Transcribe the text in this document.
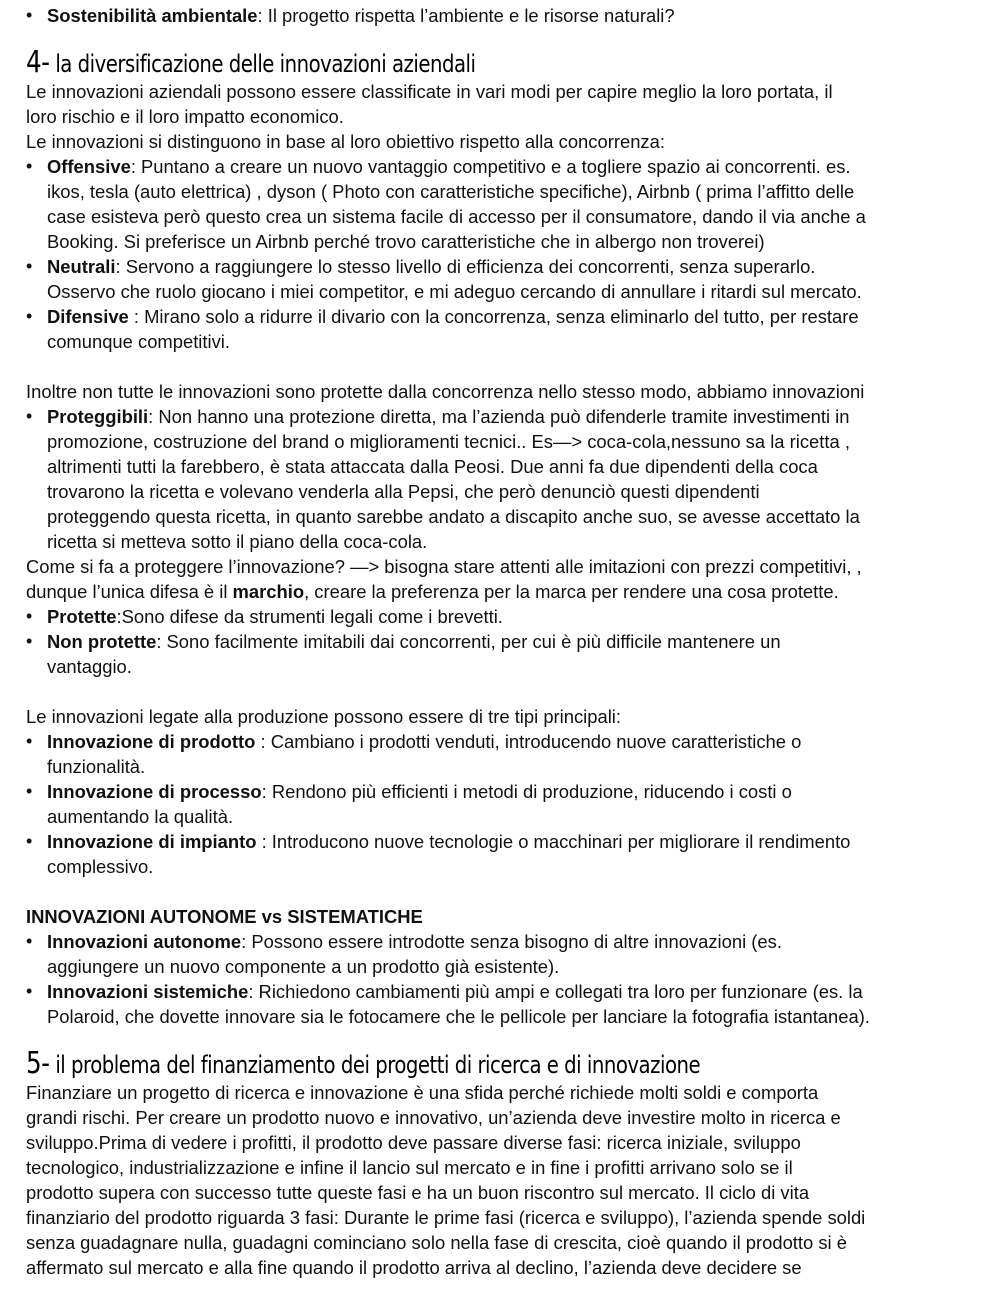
• Sostenibilità ambientale: Il progetto rispetta l’ambiente e le risorse naturali?

4- la diversificazione delle innovazioni aziendali

Le innovazioni aziendali possono essere classificate in vari modi per capire meglio la loro portata, il

loro rischio e il loro impatto economico.

Le innovazioni si distinguono in base al loro obiettivo rispetto alla concorrenza:

• Offensive: Puntano a creare un nuovo vantaggio competitivo e a togliere spazio ai concorrenti. es.

ikos, tesla (auto elettrica) , dyson ( Photo con caratteristiche specifiche), Airbnb ( prima l’affitto delle

case esisteva però questo crea un sistema facile di accesso per il consumatore, dando il via anche a

Booking. Si preferisce un Airbnb perché trovo caratteristiche che in albergo non troverei)

• Neutrali: Servono a raggiungere lo stesso livello di efficienza dei concorrenti, senza superarlo.

Osservo che ruolo giocano i miei competitor, e mi adeguo cercando di annullare i ritardi sul mercato.

• Difensive : Mirano solo a ridurre il divario con la concorrenza, senza eliminarlo del tutto, per restare

comunque competitivi.

Inoltre non tutte le innovazioni sono protette dalla concorrenza nello stesso modo, abbiamo innovazioni

• Proteggibili: Non hanno una protezione diretta, ma l’azienda può difenderle tramite investimenti in

promozione, costruzione del brand o miglioramenti tecnici.. Es—> coca-cola,nessuno sa la ricetta ,

altrimenti tutti la farebbero, è stata attaccata dalla Peosi. Due anni fa due dipendenti della coca

trovarono la ricetta e volevano venderla alla Pepsi, che però denunciò questi dipendenti

proteggendo questa ricetta, in quanto sarebbe andato a discapito anche suo, se avesse accettato la

ricetta si metteva sotto il piano della coca-cola.

Come si fa a proteggere l’innovazione? —> bisogna stare attenti alle imitazioni con prezzi competitivi, ,

dunque l’unica difesa è il marchio, creare la preferenza per la marca per rendere una cosa protette.

• Protette:Sono difese da strumenti legali come i brevetti.

• Non protette: Sono facilmente imitabili dai concorrenti, per cui è più difficile mantenere un

vantaggio.

Le innovazioni legate alla produzione possono essere di tre tipi principali:

• Innovazione di prodotto : Cambiano i prodotti venduti, introducendo nuove caratteristiche o

funzionalità.

• Innovazione di processo: Rendono più efficienti i metodi di produzione, riducendo i costi o

aumentando la qualità.

• Innovazione di impianto : Introducono nuove tecnologie o macchinari per migliorare il rendimento

complessivo.

INNOVAZIONI AUTONOME vs SISTEMATICHE

• Innovazioni autonome: Possono essere introdotte senza bisogno di altre innovazioni (es.

aggiungere un nuovo componente a un prodotto già esistente).

• Innovazioni sistemiche: Richiedono cambiamenti più ampi e collegati tra loro per funzionare (es. la

Polaroid, che dovette innovare sia le fotocamere che le pellicole per lanciare la fotografia istantanea).

5- il problema del finanziamento dei progetti di ricerca e di innovazione

Finanziare un progetto di ricerca e innovazione è una sfida perché richiede molti soldi e comporta

grandi rischi. Per creare un prodotto nuovo e innovativo, un’azienda deve investire molto in ricerca e

sviluppo.Prima di vedere i profitti, il prodotto deve passare diverse fasi: ricerca iniziale, sviluppo

tecnologico, industrializzazione e infine il lancio sul mercato e in fine i profitti arrivano solo se il

prodotto supera con successo tutte queste fasi e ha un buon riscontro sul mercato. Il ciclo di vita

finanziario del prodotto riguarda 3 fasi: Durante le prime fasi (ricerca e sviluppo), l’azienda spende soldi

senza guadagnare nulla, guadagni cominciano solo nella fase di crescita, cioè quando il prodotto si è

affermato sul mercato e alla fine quando il prodotto arriva al declino, l’azienda deve decidere se
